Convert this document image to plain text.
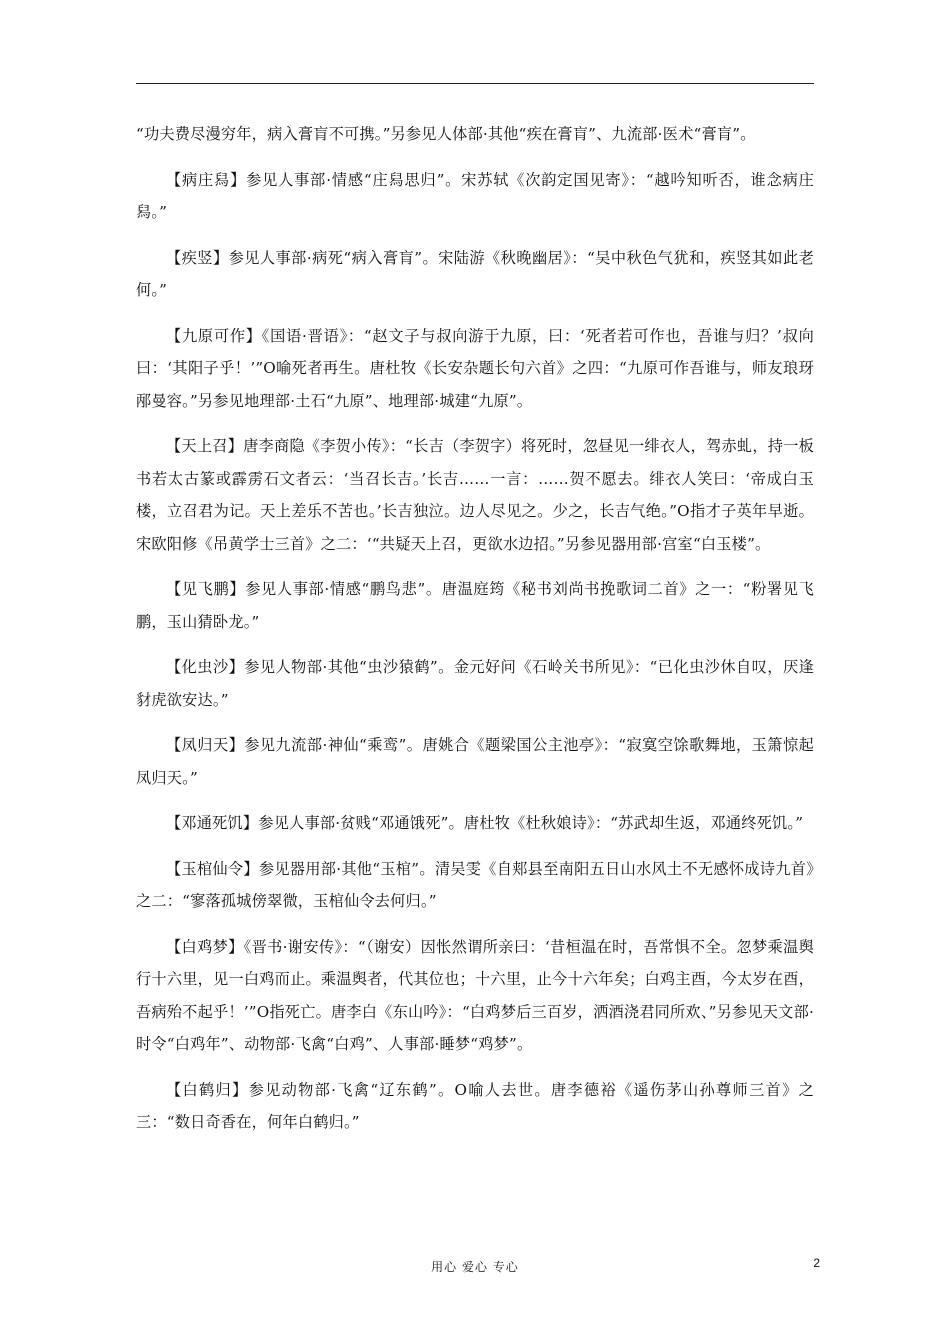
“功夫费尽漫穷年，病入膏肓不可携。”另参见人体部·其他“疾在膏肓”、九流部·医术“膏肓”。

【病庄舄】参见人事部·情感“庄舄思归”。宋苏轼《次韵定国见寄》：“越吟知听否，谁念病庄舄。”

【疾竖】参见人事部·病死“病入膏肓”。宋陆游《秋晚幽居》：“吴中秋色气犹和，疾竖其如此老何。”

【九原可作】《国语·晋语》：“赵文子与叔向游于九原，曰：‘死者若可作也，吾谁与归？’叔向曰：‘其阳子乎！’”O喻死者再生。唐杜牧《长安杂题长句六首》之四：“九原可作吾谁与，师友琅玡邴曼容。”另参见地理部·土石“九原”、地理部·城建“九原”。

【天上召】唐李商隐《李贺小传》：“长吉（李贺字）将死时，忽昼见一绯衣人，驾赤虬，持一板书若太古篆或霹雳石文者云：‘当召长吉。’长吉……一言：……贺不愿去。绯衣人笑曰：‘帝成白玉楼，立召君为记。天上差乐不苦也。’长吉独泣。边人尽见之。少之，长吉气绝。”O指才子英年早逝。宋欧阳修《吊黄学士三首》之二：‘“共疑天上召，更欲水边招。”另参见器用部·宫室“白玉楼”。

【见飞鹏】参见人事部·情感“鹏鸟悲”。唐温庭筠《秘书刘尚书挽歌词二首》之一：“粉署见飞鹏，玉山猜卧龙。”

【化虫沙】参见人物部·其他“虫沙猿鹤”。金元好问《石岭关书所见》：“已化虫沙休自叹，厌逢豺虎欲安达。”

【凤归天】参见九流部·神仙“乘鸾”。唐姚合《题梁国公主池亭》：“寂寞空馀歌舞地，玉箫惊起凤归天。”

【邓通死饥】参见人事部·贫贱“邓通饿死”。唐杜牧《杜秋娘诗》：“苏武却生返，邓通终死饥。”

【玉棺仙令】参见器用部·其他“玉棺”。清吴雯《自郏县至南阳五日山水风土不无感怀成诗九首》之二：“寥落孤城傍翠微，玉棺仙令去何归。”

【白鸡梦】《晋书·谢安传》：“（谢安）因怅然谓所亲曰：‘昔桓温在时，吾常惧不全。忽梦乘温舆行十六里，见一白鸡而止。乘温舆者，代其位也；十六里，止今十六年矣；白鸡主酉，今太岁在酉，吾病殆不起乎！’”O指死亡。唐李白《东山吟》：“白鸡梦后三百岁，洒酒浇君同所欢、”另参见天文部·时令“白鸡年”、动物部·飞禽“白鸡”、人事部·睡梦“鸡梦”。

【白鹤归】参见动物部·飞禽“辽东鹤”。O喻人去世。唐李德裕《遥伤茅山孙尊师三首》之三：“数日奇香在，何年白鹤归。”

用心 爱心 专心	2
